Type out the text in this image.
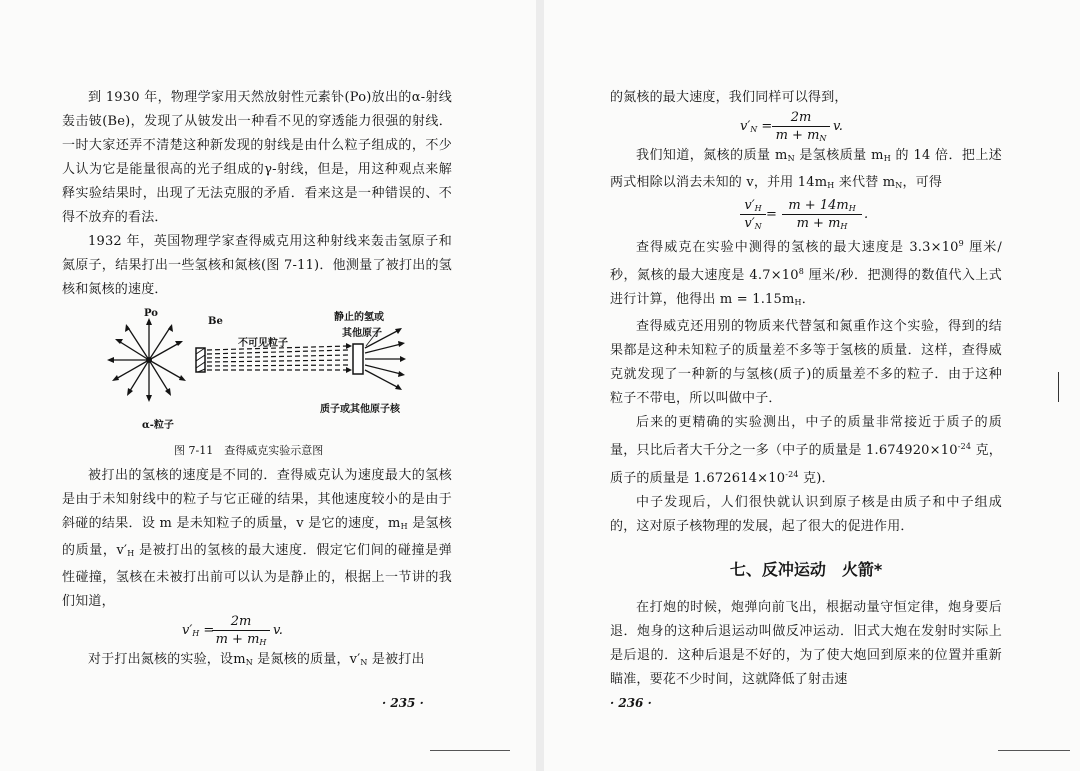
到 1930 年，物理学家用天然放射性元素钋(Po)放出的α-射线轰击铍(Be)，发现了从铍发出一种看不见的穿透能力很强的射线．一时大家还弄不清楚这种新发现的射线是由什么粒子组成的，不少人认为它是能量很高的光子组成的γ-射线，但是，用这种观点来解释实验结果时，出现了无法克服的矛盾．看来这是一种错误的、不得不放弃的看法．

1932 年，英国物理学家查得威克用这种射线来轰击氢原子和氮原子，结果打出一些氢核和氮核(图 7-11)．他测量了被打出的氢核和氮核的速度．

Po
Be
不可见粒子
静止的氢或
其他原子
α-粒子
质子或其他原子核
图 7-11　查得威克实验示意图

被打出的氢核的速度是不同的．查得威克认为速度最大的氢核是由于未知射线中的粒子与它正碰的结果，其他速度较小的是由于斜碰的结果．设 m 是未知粒子的质量，v 是它的速度，$m_H$ 是氢核的质量，$v'_H$ 是被打出的氢核的最大速度．假定它们间的碰撞是弹性碰撞，氢核在未被打出前可以认为是静止的，根据上一节讲的我们知道，

$v'_H$ =
2m
$m + m_H$
v.

对于打出氮核的实验，设$m_N$ 是氮核的质量，$v'_N$ 是被打出

· 235 ·

的氮核的最大速度，我们同样可以得到，

$v'_N$ =
2m
$m + m_N$
v.

我们知道，氮核的质量 $m_N$ 是氢核质量 $m_H$ 的 14 倍．把上述两式相除以消去未知的 v，并用 $14m_H$ 来代替 $m_N$，可得

$v'_H$
$v'_N$
=
$m + 14m_H$
$m + m_H$
.

查得威克在实验中测得的氢核的最大速度是 $3.3\times 10^9$ 厘米/秒，氮核的最大速度是 $4.7\times 10^8$ 厘米/秒．把测得的数值代入上式进行计算，他得出 $m = 1.15m_H$．

查得威克还用别的物质来代替氢和氮重作这个实验，得到的结果都是这种未知粒子的质量差不多等于氢核的质量．这样，查得威克就发现了一种新的与氢核(质子)的质量差不多的粒子．由于这种粒子不带电，所以叫做中子．

后来的更精确的实验测出，中子的质量非常接近于质子的质量，只比后者大千分之一多（中子的质量是 $1.674920\times 10^{-24}$ 克，质子的质量是 $1.672614\times 10^{-24}$ 克)．

中子发现后，人们很快就认识到原子核是由质子和中子组成的，这对原子核物理的发展，起了很大的促进作用．

七、反冲运动　火箭*

在打炮的时候，炮弹向前飞出，根据动量守恒定律，炮身要后退．炮身的这种后退运动叫做反冲运动．旧式大炮在发射时实际上是后退的．这种后退是不好的，为了使大炮回到原来的位置并重新瞄准，要花不少时间，这就降低了射击速

· 236 ·
